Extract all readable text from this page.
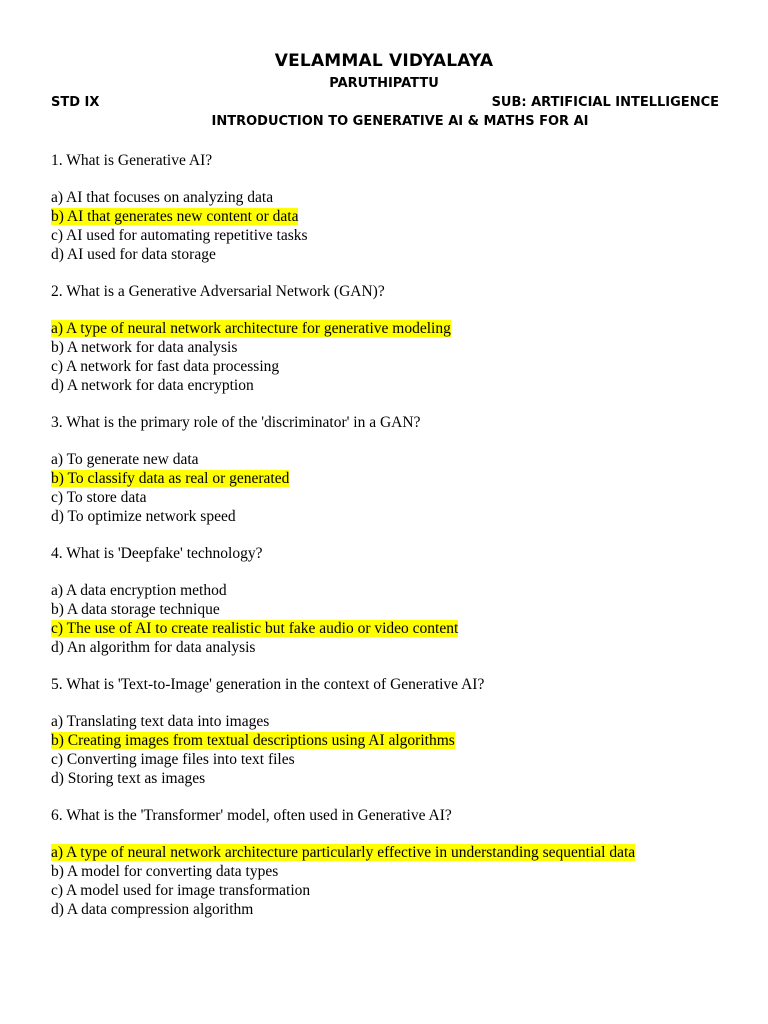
VELAMMAL VIDYALAYA
PARUTHIPATTU
STD IX	SUB: ARTIFICIAL INTELLIGENCE
INTRODUCTION TO GENERATIVE AI & MATHS FOR AI
1. What is Generative AI?
a) AI that focuses on analyzing data
b) AI that generates new content or data
c) AI used for automating repetitive tasks
d) AI used for data storage
2. What is a Generative Adversarial Network (GAN)?
a) A type of neural network architecture for generative modeling
b) A network for data analysis
c) A network for fast data processing
d) A network for data encryption
3. What is the primary role of the 'discriminator' in a GAN?
a) To generate new data
b) To classify data as real or generated
c) To store data
d) To optimize network speed
4. What is 'Deepfake' technology?
a) A data encryption method
b) A data storage technique
c) The use of AI to create realistic but fake audio or video content
d) An algorithm for data analysis
5. What is 'Text-to-Image' generation in the context of Generative AI?
a) Translating text data into images
b) Creating images from textual descriptions using AI algorithms
c) Converting image files into text files
d) Storing text as images
6. What is the 'Transformer' model, often used in Generative AI?
a) A type of neural network architecture particularly effective in understanding sequential data
b) A model for converting data types
c) A model used for image transformation
d) A data compression algorithm
